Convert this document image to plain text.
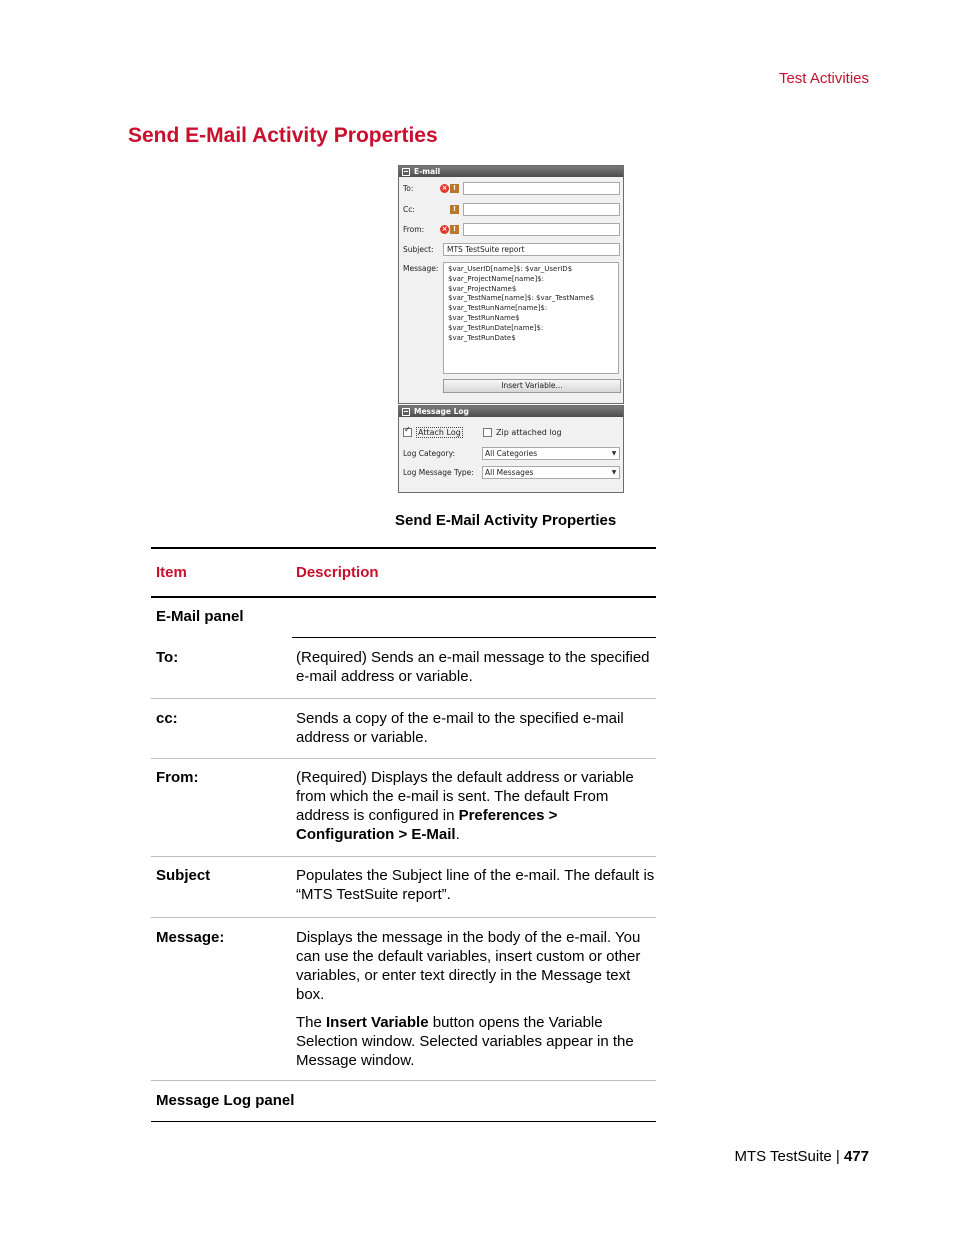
Test Activities
Send E-Mail Activity Properties
E-mail
To:	× !
Cc:	!
From:	× !
Subject:	MTS TestSuite report
Message:	$var_UserID[name]$: $var_UserID$
$var_ProjectName[name]$:
$var_ProjectName$
$var_TestName[name]$: $var_TestName$
$var_TestRunName[name]$:
$var_TestRunName$
$var_TestRunDate[name]$:
$var_TestRunDate$
Insert Variable...
Message Log
✓
Attach Log	Zip attached log
Log Category:	All Categories	▼
Log Message Type:	All Messages	▼
Send E-Mail Activity Properties
Item	Description
E-Mail panel
To:	(Required) Sends an e-mail message to the specified e-mail address or variable.
cc:	Sends a copy of the e-mail to the specified e-mail address or variable.
From:	(Required) Displays the default address or variable from which the e-mail is sent. The default From address is configured in Preferences > Configuration > E-Mail.
Subject	Populates the Subject line of the e-mail. The default is “MTS TestSuite report”.
Message:	Displays the message in the body of the e-mail. You can use the default variables, insert custom or other variables, or enter text directly in the Message text box.

The Insert Variable button opens the Variable Selection window. Selected variables appear in the Message window.

Message Log panel
MTS TestSuite | 477
